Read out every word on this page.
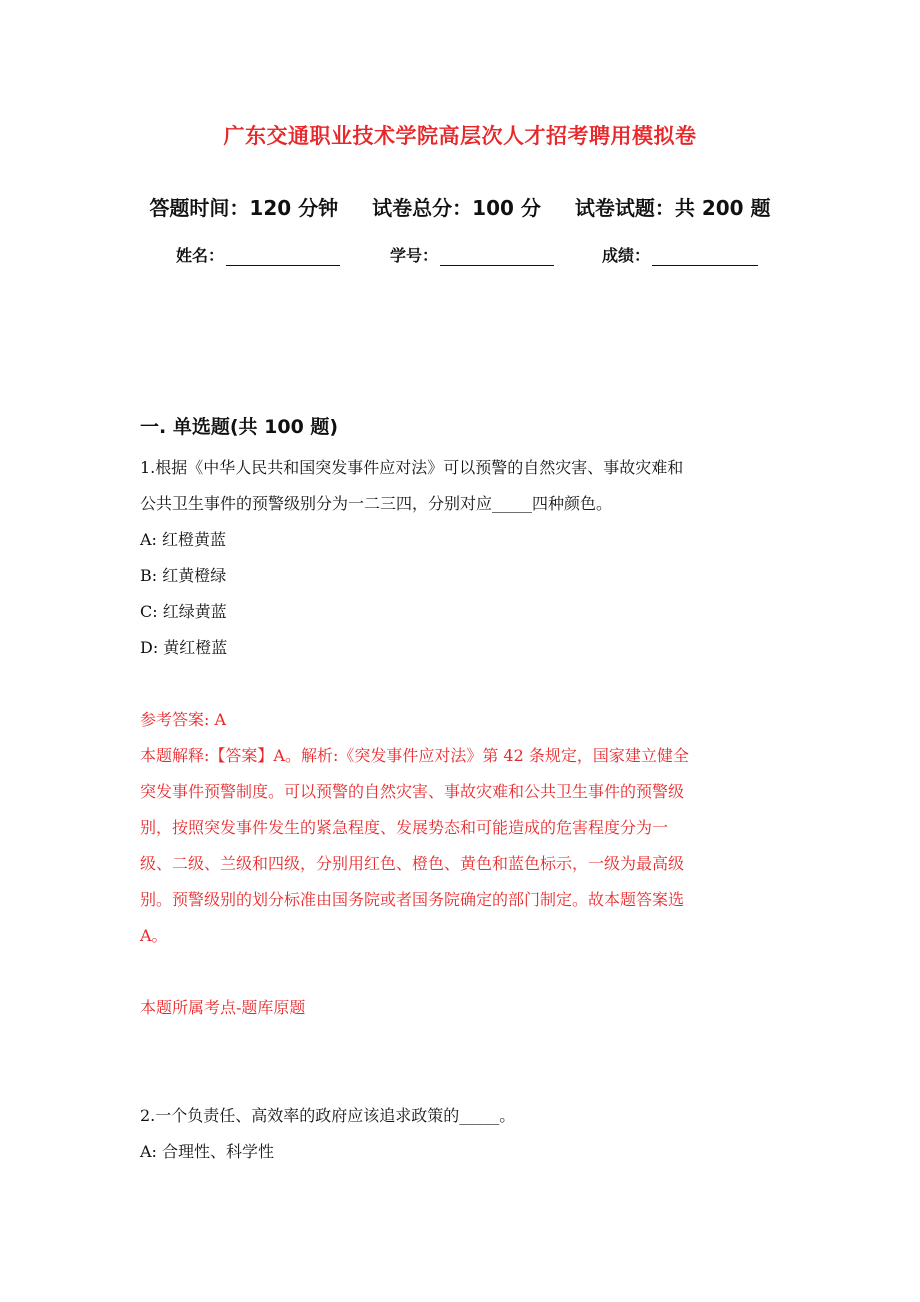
广东交通职业技术学院高层次人才招考聘用模拟卷
答题时间：120 分钟 试卷总分：100 分 试卷试题：共 200 题
姓名：	学号：	成绩：
一. 单选题(共 100 题)
1.根据《中华人民共和国突发事件应对法》可以预警的自然灾害、事故灾难和
公共卫生事件的预警级别分为一二三四，分别对应_____四种颜色。
A: 红橙黄蓝
B: 红黄橙绿
C: 红绿黄蓝
D: 黄红橙蓝
参考答案: A
本题解释:【答案】A。解析:《突发事件应对法》第 42 条规定，国家建立健全
突发事件预警制度。可以预警的自然灾害、事故灾难和公共卫生事件的预警级
别，按照突发事件发生的紧急程度、发展势态和可能造成的危害程度分为一
级、二级、兰级和四级，分别用红色、橙色、黄色和蓝色标示，一级为最高级
别。预警级别的划分标准由国务院或者国务院确定的部门制定。故本题答案选
A。
本题所属考点-题库原题
2.一个负责任、高效率的政府应该追求政策的_____。
A: 合理性、科学性
